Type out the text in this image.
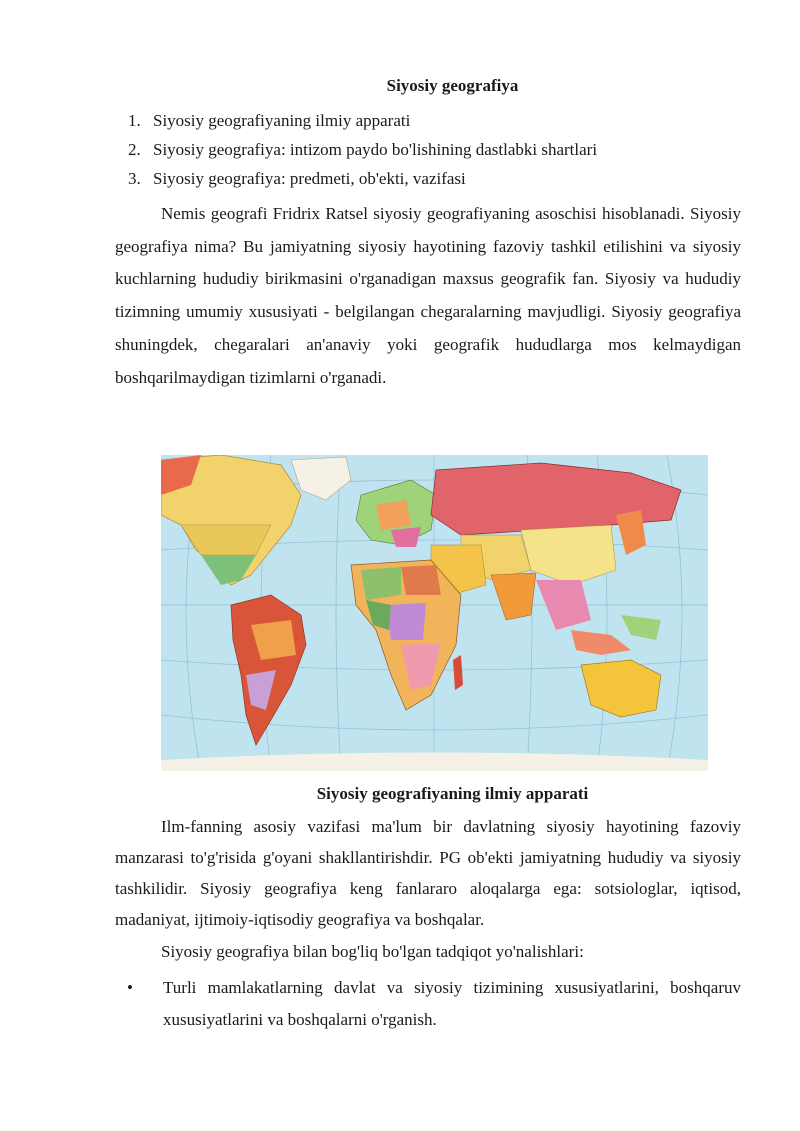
Siyosiy geografiya
1. Siyosiy geografiyaning ilmiy apparati
2. Siyosiy geografiya: intizom paydo bo'lishining dastlabki shartlari
3. Siyosiy geografiya: predmeti, ob'ekti, vazifasi

Nemis geografi Fridrix Ratsel siyosiy geografiyaning asoschisi hisoblanadi. Siyosiy geografiya nima? Bu jamiyatning siyosiy hayotining fazoviy tashkil etilishini va siyosiy kuchlarning hududiy birikmasini o'rganadigan maxsus geografik fan. Siyosiy va hududiy tizimning umumiy xususiyati - belgilangan chegaralarning mavjudligi. Siyosiy geografiya shuningdek, chegaralari an'anaviy yoki geografik hududlarga mos kelmaydigan boshqarilmaydigan tizimlarni o'rganadi.

Siyosiy geografiyaning ilmiy apparati

Ilm-fanning asosiy vazifasi ma'lum bir davlatning siyosiy hayotining fazoviy manzarasi to'g'risida g'oyani shakllantirishdir. PG ob'ekti jamiyatning hududiy va siyosiy tashkilidir. Siyosiy geografiya keng fanlararo aloqalarga ega: sotsiologlar, iqtisod, madaniyat, ijtimoiy-iqtisodiy geografiya va boshqalar.

Siyosiy geografiya bilan bog'liq bo'lgan tadqiqot yo'nalishlari:

• Turli mamlakatlarning davlat va siyosiy tizimining xususiyatlarini, boshqaruv xususiyatlarini va boshqalarni o'rganish.
